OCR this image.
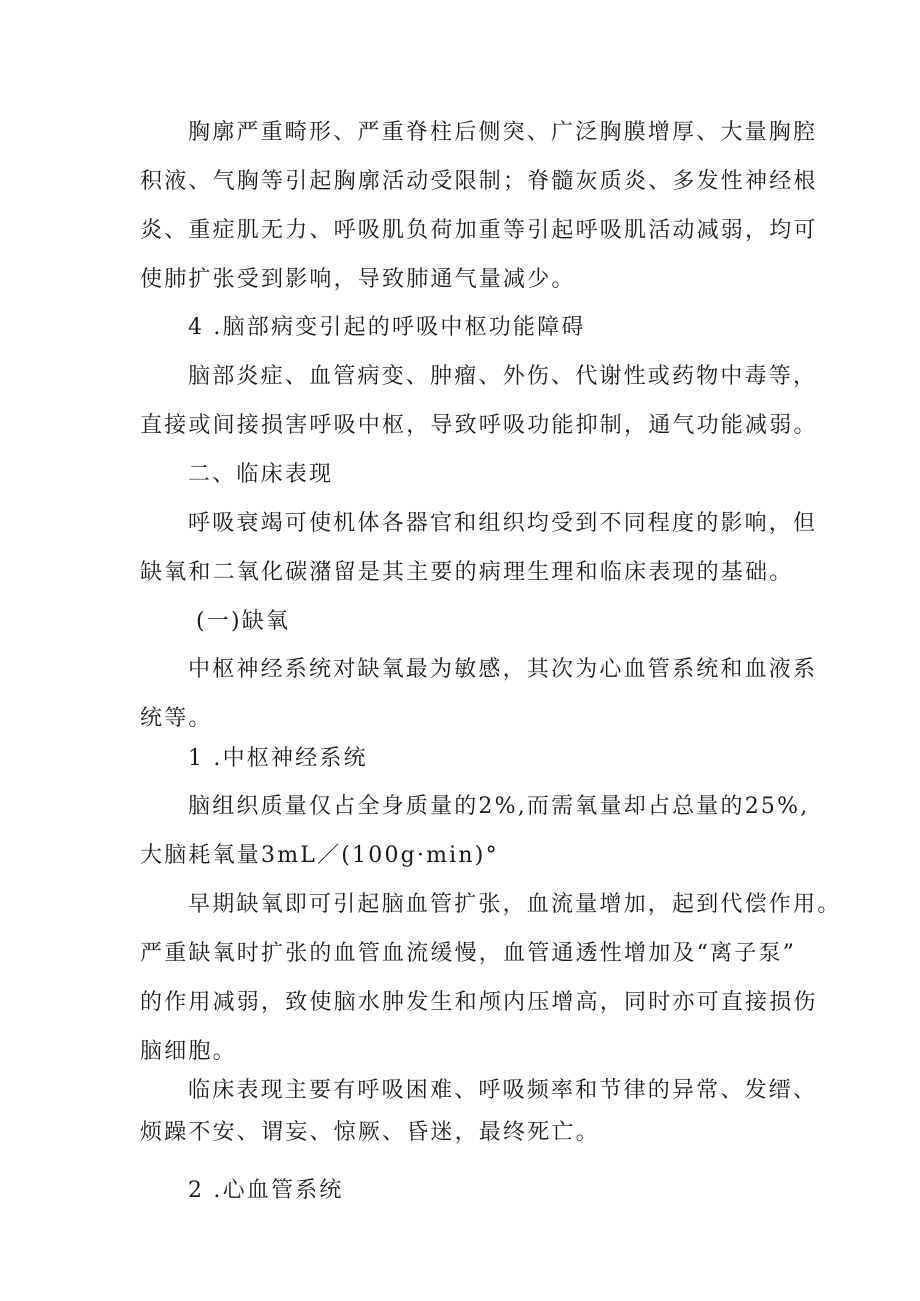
胸廓严重畸形、严重脊柱后侧突、广泛胸膜增厚、大量胸腔
积液、气胸等引起胸廓活动受限制；脊髓灰质炎、多发性神经根
炎、重症肌无力、呼吸肌负荷加重等引起呼吸肌活动减弱，均可
使肺扩张受到影响，导致肺通气量减少。
4 .脑部病变引起的呼吸中枢功能障碍
脑部炎症、血管病变、肿瘤、外伤、代谢性或药物中毒等，
直接或间接损害呼吸中枢，导致呼吸功能抑制，通气功能减弱。
二、临床表现
呼吸衰竭可使机体各器官和组织均受到不同程度的影响，但
缺氧和二氧化碳潴留是其主要的病理生理和临床表现的基础。
(一)缺氧
中枢神经系统对缺氧最为敏感，其次为心血管系统和血液系
统等。
1 .中枢神经系统
脑组织质量仅占全身质量的2%,而需氧量却占总量的25%,
大脑耗氧量3mL／(100g·min)°
早期缺氧即可引起脑血管扩张，血流量增加，起到代偿作用。
严重缺氧时扩张的血管血流缓慢，血管通透性增加及“离子泵”
的作用减弱，致使脑水肿发生和颅内压增高，同时亦可直接损伤
脑细胞。
临床表现主要有呼吸困难、呼吸频率和节律的异常、发缙、
烦躁不安、谓妄、惊厥、昏迷，最终死亡。
2 .心血管系统
